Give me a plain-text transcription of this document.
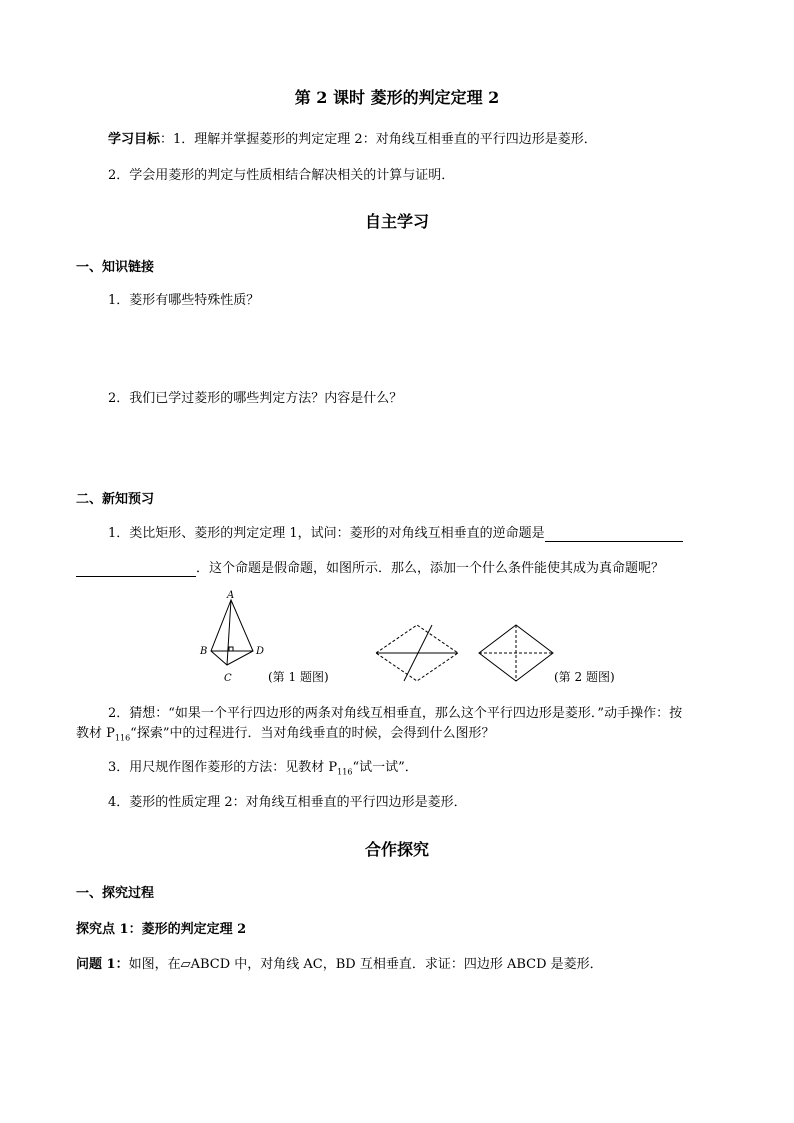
第 2 课时 菱形的判定定理 2
学习目标：1．理解并掌握菱形的判定定理 2：对角线互相垂直的平行四边形是菱形．
2．学会用菱形的判定与性质相结合解决相关的计算与证明．
自主学习
一、知识链接
1．菱形有哪些特殊性质？
2．我们已学过菱形的哪些判定方法？内容是什么？
二、新知预习
1．类比矩形、菱形的判定定理 1，试问：菱形的对角线互相垂直的逆命题是
．这个命题是假命题，如图所示．那么，添加一个什么条件能使其成为真命题呢？
A
B
C
D
(第 1 题图)	(第 2 题图)
2．猜想：“如果一个平行四边形的两条对角线互相垂直，那么这个平行四边形是菱形．”动手操作：按
教材 $P_{116}“$探索”中的过程进行．当对角线垂直的时候，会得到什么图形？
3．用尺规作图作菱形的方法：见教材 $P_{116}“$试一试”．
4．菱形的性质定理 2：对角线互相垂直的平行四边形是菱形．
合作探究
一、探究过程
探究点 1：菱形的判定定理 2
问题 1：如图，在▱ABCD 中，对角线 AC，BD 互相垂直．求证：四边形 ABCD 是菱形．
